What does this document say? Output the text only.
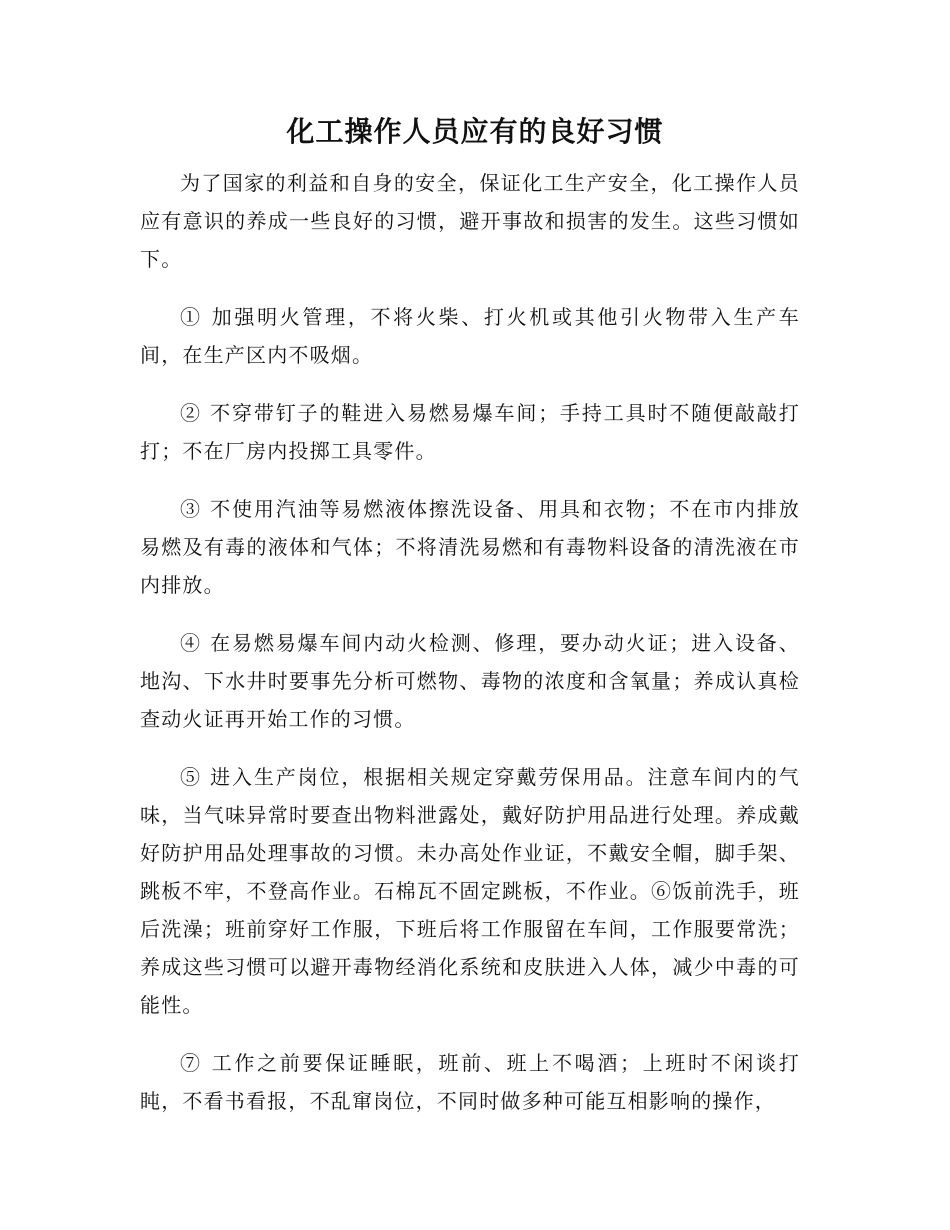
化工操作人员应有的良好习惯

为了国家的利益和自身的安全，保证化工生产安全，化工操作人员应有意识的养成一些良好的习惯，避开事故和损害的发生。这些习惯如下。

① 加强明火管理，不将火柴、打火机或其他引火物带入生产车间，在生产区内不吸烟。

② 不穿带钉子的鞋进入易燃易爆车间；手持工具时不随便敲敲打打；不在厂房内投掷工具零件。

③ 不使用汽油等易燃液体擦洗设备、用具和衣物；不在市内排放易燃及有毒的液体和气体；不将清洗易燃和有毒物料设备的清洗液在市内排放。

④ 在易燃易爆车间内动火检测、修理，要办动火证；进入设备、地沟、下水井时要事先分析可燃物、毒物的浓度和含氧量；养成认真检查动火证再开始工作的习惯。

⑤ 进入生产岗位，根据相关规定穿戴劳保用品。注意车间内的气味，当气味异常时要查出物料泄露处，戴好防护用品进行处理。养成戴好防护用品处理事故的习惯。未办高处作业证，不戴安全帽，脚手架、跳板不牢，不登高作业。石棉瓦不固定跳板，不作业。⑥饭前洗手，班后洗澡；班前穿好工作服，下班后将工作服留在车间，工作服要常洗；养成这些习惯可以避开毒物经消化系统和皮肤进入人体，减少中毒的可能性。

⑦ 工作之前要保证睡眠，班前、班上不喝酒；上班时不闲谈打盹，不看书看报，不乱窜岗位，不同时做多种可能互相影响的操作，
